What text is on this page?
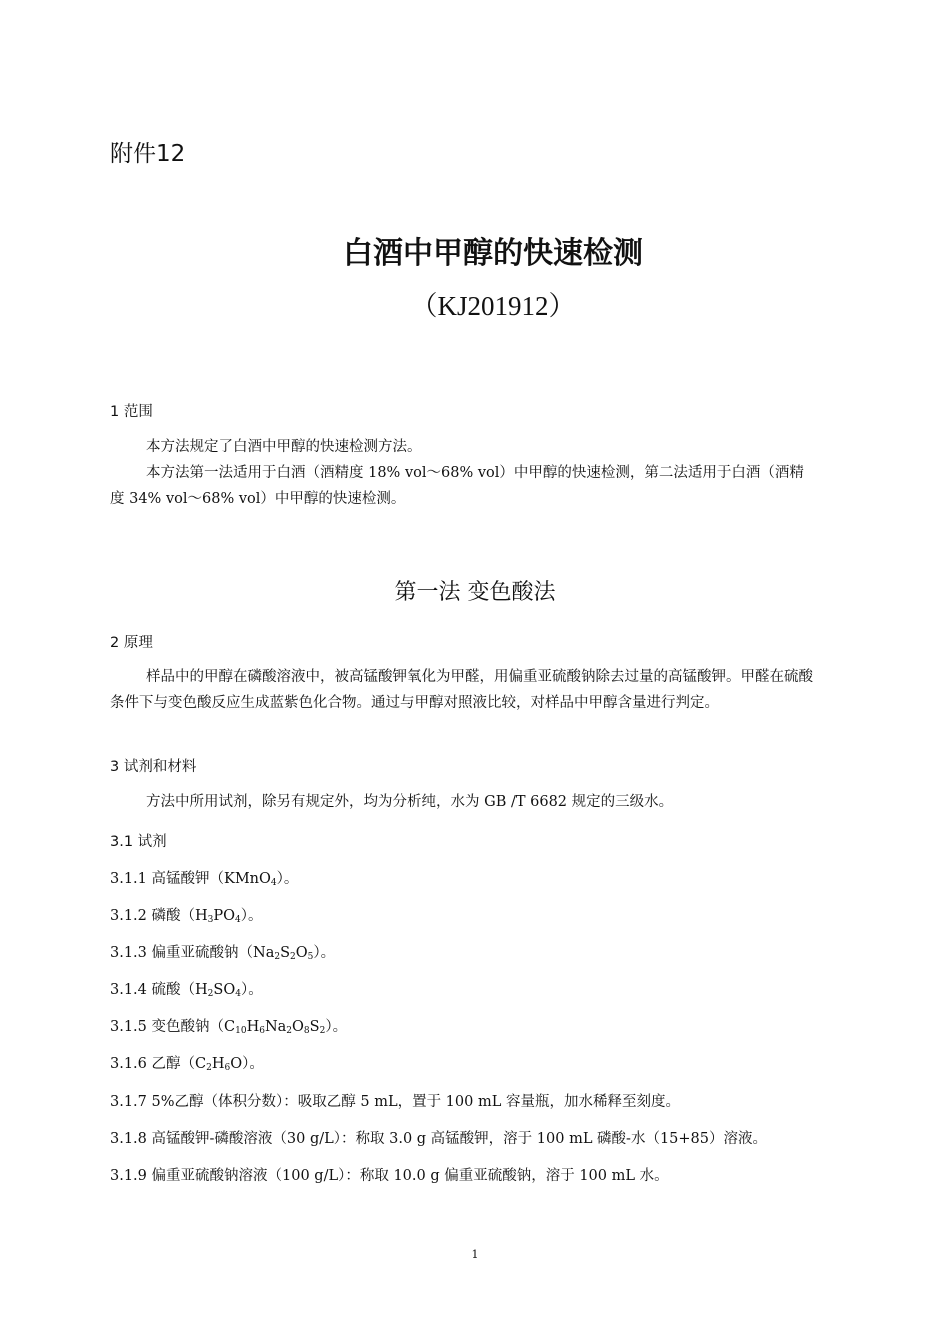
附件12

白酒中甲醇的快速检测

（KJ201912）

1 范围

本方法规定了白酒中甲醇的快速检测方法。

本方法第一法适用于白酒（酒精度 18% vol～68% vol）中甲醇的快速检测，第二法适用于白酒（酒精度 34% vol～68% vol）中甲醇的快速检测。

第一法 变色酸法

2 原理

样品中的甲醇在磷酸溶液中，被高锰酸钾氧化为甲醛，用偏重亚硫酸钠除去过量的高锰酸钾。甲醛在硫酸条件下与变色酸反应生成蓝紫色化合物。通过与甲醇对照液比较，对样品中甲醇含量进行判定。

3 试剂和材料

方法中所用试剂，除另有规定外，均为分析纯，水为 GB /T 6682 规定的三级水。

3.1 试剂

3.1.1 高锰酸钾（KMnO$_4$）。

3.1.2 磷酸$(H_3PO_4)$。

3.1.3 偏重亚硫酸钠$(Na_2S_2O_5)$。

3.1.4 硫酸$(H_2SO_4)$。

3.1.5 变色酸钠$(C_{10}H_6Na_2O_8S_2)$。

3.1.6 乙醇$(C_2H_6O)$。

3.1.7 5%乙醇（体积分数）：吸取乙醇 5 mL，置于 100 mL 容量瓶，加水稀释至刻度。

3.1.8 高锰酸钾-磷酸溶液（30 g/L）：称取 3.0 g 高锰酸钾，溶于 100 mL 磷酸-水（15+85）溶液。

3.1.9 偏重亚硫酸钠溶液（100 g/L）：称取 10.0 g 偏重亚硫酸钠，溶于 100 mL 水。

1
